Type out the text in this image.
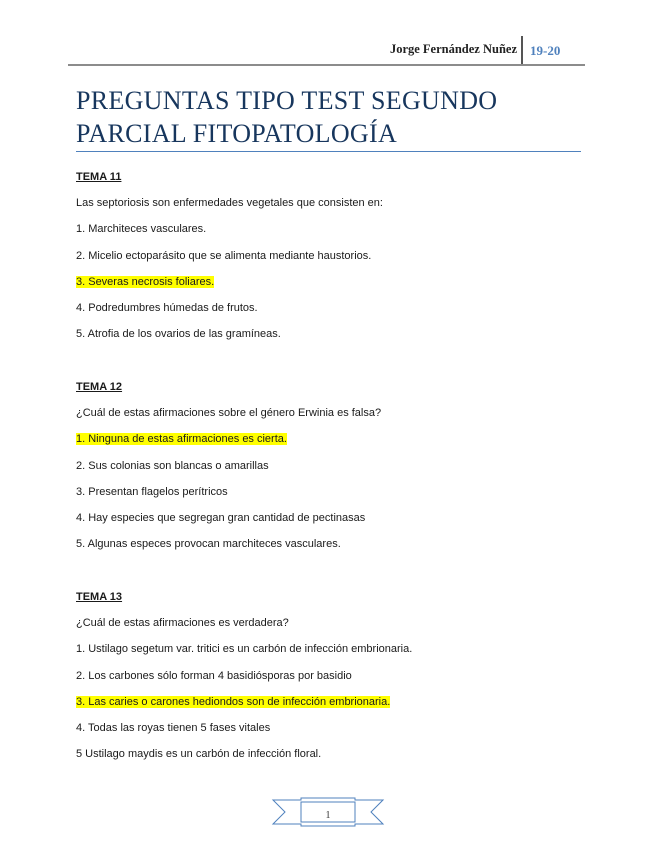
Jorge Fernández Nuñez 19-20
PREGUNTAS TIPO TEST SEGUNDO PARCIAL FITOPATOLOGÍA
TEMA 11
Las septoriosis son enfermedades vegetales que consisten en:
1. Marchiteces vasculares.
2. Micelio ectoparásito que se alimenta mediante haustorios.
3. Severas necrosis foliares.
4. Podredumbres húmedas de frutos.
5. Atrofia de los ovarios de las gramíneas.
TEMA 12
¿Cuál de estas afirmaciones sobre el género Erwinia es falsa?
1. Ninguna de estas afirmaciones es cierta.
2. Sus colonias son blancas o amarillas
3. Presentan flagelos perítricos
4. Hay especies que segregan gran cantidad de pectinasas
5. Algunas especes provocan marchiteces vasculares.
TEMA 13
¿Cuál de estas afirmaciones es verdadera?
1. Ustilago segetum var. tritici es un carbón de infección embrionaria.
2. Los carbones sólo forman 4 basidiósporas por basidio
3. Las caries o carones hediondos son de infección embrionaria.
4. Todas las royas tienen 5 fases vitales
5 Ustilago maydis es un carbón de infección floral.
1
